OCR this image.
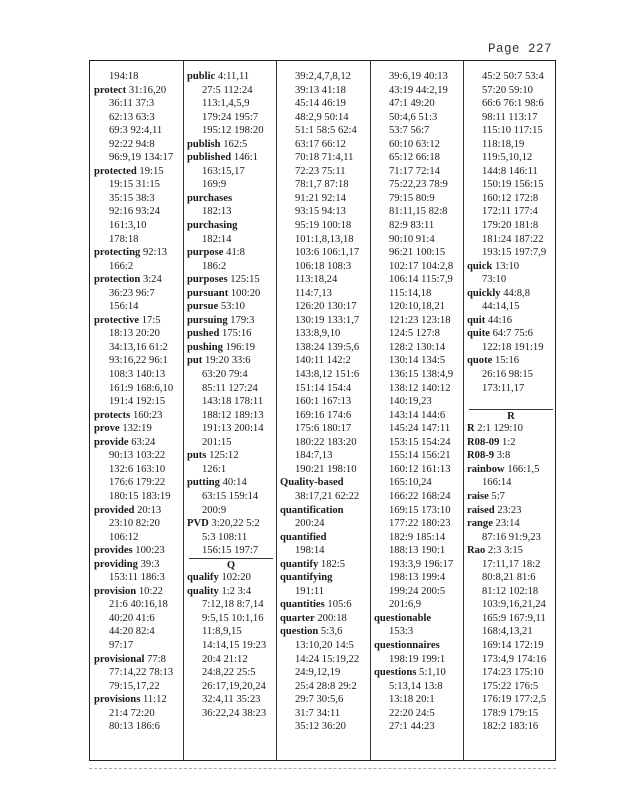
Page 227
194:18
protect 31:16,20
36:11 37:3
62:13 63:3
69:3 92:4,11
92:22 94:8
96:9,19 134:17
protected 19:15
19:15 31:15
35:15 38:3
92:16 93:24
161:3,10
178:18
protecting 92:13
166:2
protection 3:24
36:23 96:7
156:14
protective 17:5
18:13 20:20
34:13,16 61:2
93:16,22 96:1
108:3 140:13
161:9 168:6,10
191:4 192:15
protects 160:23
prove 132:19
provide 63:24
90:13 103:22
132:6 163:10
176:6 179:22
180:15 183:19
provided 20:13
23:10 82:20
106:12
provides 100:23
providing 39:3
153:11 186:3
provision 10:22
21:6 40:16,18
40:20 41:6
44:20 82:4
97:17
provisional 77:8
77:14,22 78:13
79:15,17,22
provisions 11:12
21:4 72:20
80:13 186:6
public 4:11,11
27:5 112:24
113:1,4,5,9
179:24 195:7
195:12 198:20
publish 162:5
published 146:1
163:15,17
169:9
purchases
182:13
purchasing
182:14
purpose 41:8
186:2
purposes 125:15
pursuant 100:20
pursue 53:10
pursuing 179:3
pushed 175:16
pushing 196:19
put 19:20 33:6
63:20 79:4
85:11 127:24
143:18 178:11
188:12 189:13
191:13 200:14
201:15
puts 125:12
126:1
putting 40:14
63:15 159:14
200:9
PVD 3:20,22 5:2
5:3 108:11
156:15 197:7
Q
qualify 102:20
quality 1:2 3:4
7:12,18 8:7,14
9:5,15 10:1,16
11:8,9,15
14:14,15 19:23
20:4 21:12
24:8,22 25:5
26:17,19,20,24
32:4,11 35:23
36:22,24 38:23
39:2,4,7,8,12
39:13 41:18
45:14 46:19
48:2,9 50:14
51:1 58:5 62:4
63:17 66:12
70:18 71:4,11
72:23 75:11
78:1,7 87:18
91:21 92:14
93:15 94:13
95:19 100:18
101:1,8,13,18
103:6 106:1,17
106:18 108:3
113:18,24
114:7,13
126:20 130:17
130:19 133:1,7
133:8,9,10
138:24 139:5,6
140:11 142:2
143:8,12 151:6
151:14 154:4
160:1 167:13
169:16 174:6
175:6 180:17
180:22 183:20
184:7,13
190:21 198:10
Quality-based
38:17,21 62:22
quantification
200:24
quantified
198:14
quantify 182:5
quantifying
191:11
quantities 105:6
quarter 200:18
question 5:3,6
13:10,20 14:5
14:24 15:19,22
24:9,12,19
25:4 28:8 29:2
29:7 30:5,6
31:7 34:11
35:12 36:20
39:6,19 40:13
43:19 44:2,19
47:1 49:20
50:4,6 51:3
53:7 56:7
60:10 63:12
65:12 66:18
71:17 72:14
75:22,23 78:9
79:15 80:9
81:11,15 82:8
82:9 83:11
90:10 91:4
96:21 100:15
102:17 104:2,8
106:14 115:7,9
115:14,18
120:10,18,21
121:23 123:18
124:5 127:8
128:2 130:14
130:14 134:5
136:15 138:4,9
138:12 140:12
140:19,23
143:14 144:6
145:24 147:11
153:15 154:24
155:14 156:21
160:12 161:13
165:10,24
166:22 168:24
169:15 173:10
177:22 180:23
182:9 185:14
188:13 190:1
193:3,9 196:17
198:13 199:4
199:24 200:5
201:6,9
questionable
153:3
questionnaires
198:19 199:1
questions 5:1,10
5:13,14 13:8
13:18 20:1
22:20 24:5
27:1 44:23
45:2 50:7 53:4
57:20 59:10
66:6 76:1 98:6
98:11 113:17
115:10 117:15
118:18,19
119:5,10,12
144:8 146:11
150:19 156:15
160:12 172:8
172:11 177:4
179:20 181:8
181:24 187:22
193:15 197:7,9
quick 13:10
73:10
quickly 44:8,8
44:14,15
quit 44:16
quite 64:7 75:6
122:18 191:19
quote 15:16
26:16 98:15
173:11,17
R
R 2:1 129:10
R08-09 1:2
R08-9 3:8
rainbow 166:1,5
166:14
raise 5:7
raised 23:23
range 23:14
87:16 91:9,23
Rao 2:3 3:15
17:11,17 18:2
80:8,21 81:6
81:12 102:18
103:9,16,21,24
165:9 167:9,11
168:4,13,21
169:14 172:19
173:4,9 174:16
174:23 175:10
175:22 176:5
176:19 177:2,5
178:9 179:15
182:2 183:16
